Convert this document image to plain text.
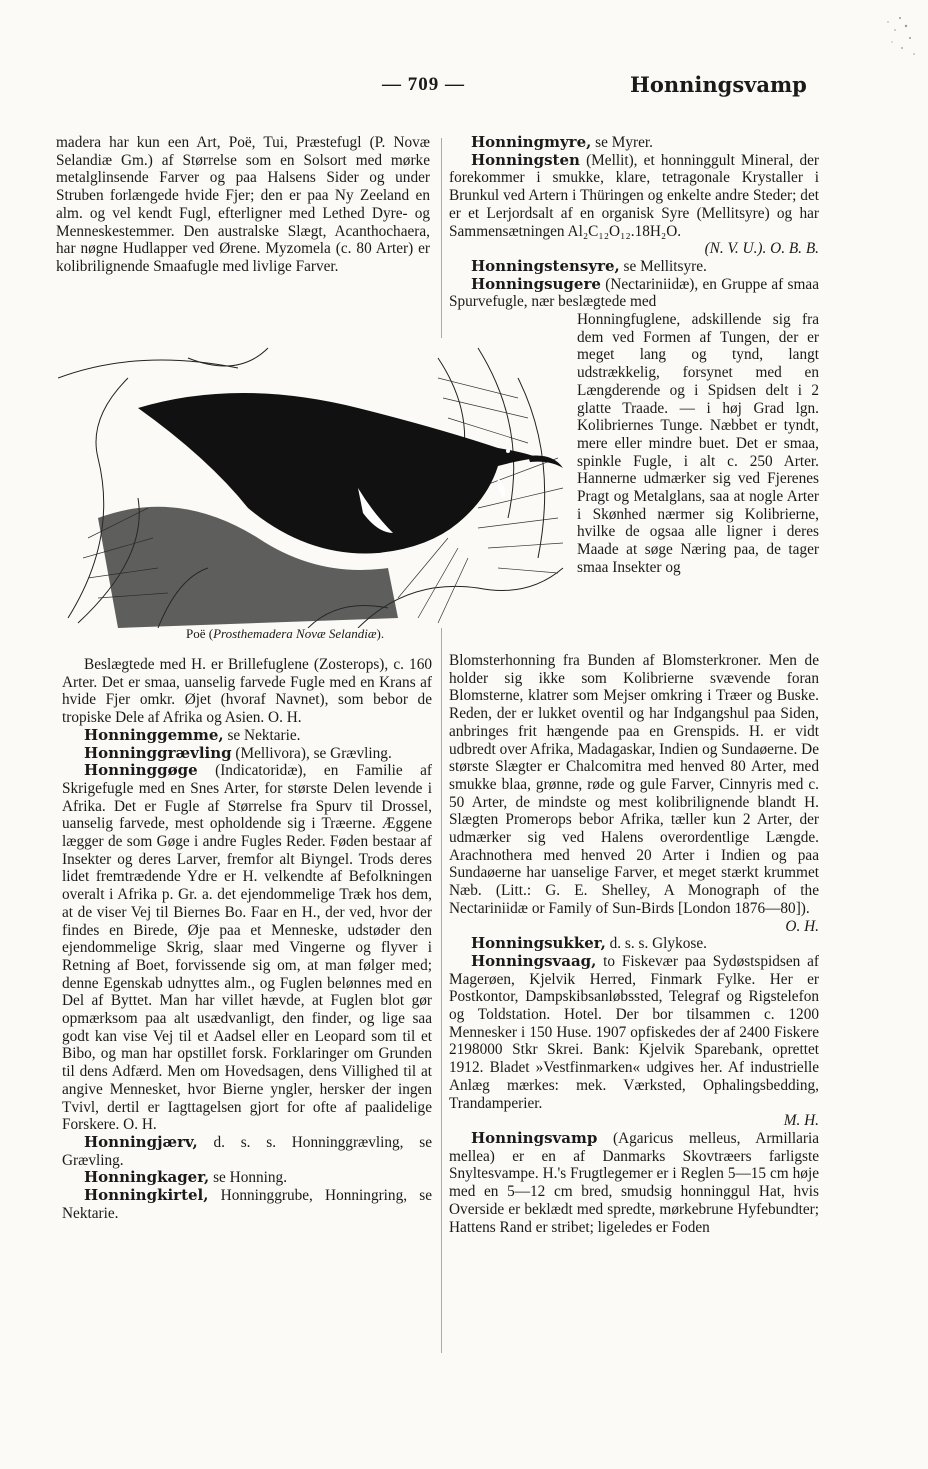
— 709 —	Honningsvamp

madera har kun een Art, Poë, Tui, Præstefugl (P. Novæ Selandiæ Gm.) af Størrelse som en Solsort med mørke metalglinsende Farver og paa Halsens Sider og under Struben forlængede hvide Fjer; den er paa Ny Zeeland en alm. og vel kendt Fugl, efterligner med Lethed Dyre- og Menneskestemmer. Den australske Slægt, Acanthochaera, har nøgne Hudlapper ved Ørene. Myzomela (c. 80 Arter) er kolibrilignende Smaafugle med livlige Farver.

Poë (Prosthemadera Novæ Selandiæ).

Beslægtede med H. er Brillefuglene (Zosterops), c. 160 Arter. Det er smaa, uanselig farvede Fugle med en Krans af hvide Fjer omkr. Øjet (hvoraf Navnet), som bebor de tropiske Dele af Afrika og Asien. O. H.

Honninggemme, se Nektarie.

Honninggrævling (Mellivora), se Grævling.

Honninggøge (Indicatoridæ), en Familie af Skrigefugle med en Snes Arter, for største Delen levende i Afrika. Det er Fugle af Størrelse fra Spurv til Drossel, uanselig farvede, mest opholdende sig i Træerne. Æggene lægger de som Gøge i andre Fugles Reder. Føden bestaar af Insekter og deres Larver, fremfor alt Biyngel. Trods deres lidet fremtrædende Ydre er H. velkendte af Befolkningen overalt i Afrika p. Gr. a. det ejendommelige Træk hos dem, at de viser Vej til Biernes Bo. Faar en H., der ved, hvor der findes en Birede, Øje paa et Menneske, udstøder den ejendommelige Skrig, slaar med Vingerne og flyver i Retning af Boet, forvissende sig om, at man følger med; denne Egenskab udnyttes alm., og Fuglen belønnes med en Del af Byttet. Man har villet hævde, at Fuglen blot gør opmærksom paa alt usædvanligt, den finder, og lige saa godt kan vise Vej til et Aadsel eller en Leopard som til et Bibo, og man har opstillet forsk. Forklaringer om Grunden til dens Adfærd. Men om Hovedsagen, dens Villighed til at angive Mennesket, hvor Bierne yngler, hersker der ingen Tvivl, dertil er Iagttagelsen gjort for ofte af paalidelige Forskere. O. H.

Honningjærv, d. s. s. Honninggrævling, se Grævling.

Honningkager, se Honning.

Honningkirtel, Honninggrube, Honningring, se Nektarie.

Honningmyre, se Myrer.

Honningsten (Mellit), et honninggult Mineral, der forekommer i smukke, klare, tetragonale Krystaller i Brunkul ved Artern i Thüringen og enkelte andre Steder; det er et Lerjordsalt af en organisk Syre (Mellitsyre) og har Sammensætningen Al₂C₁₂O₁₂.18H₂O.

(N. V. U.). O. B. B.

Honningstensyre, se Mellitsyre.

Honningsugere (Nectariniidæ), en Gruppe af smaa Spurvefugle, nær beslægtede med

Honningfuglene, adskillende sig fra dem ved Formen af Tungen, der er meget lang og tynd, langt udstrækkelig, forsynet med en Længderende og i Spidsen delt i 2 glatte Traade. — i høj Grad lgn. Kolibriernes Tunge. Næbbet er tyndt, mere eller mindre buet. Det er smaa, spinkle Fugle, i alt c. 250 Arter. Hannerne udmærker sig ved Fjerenes Pragt og Metalglans, saa at nogle Arter i Skønhed nærmer sig Kolibrierne, hvilke de ogsaa alle ligner i deres Maade at søge Næring paa, de tager smaa Insekter og

Blomsterhonning fra Bunden af Blomsterkroner. Men de holder sig ikke som Kolibrierne svævende foran Blomsterne, klatrer som Mejser omkring i Træer og Buske. Reden, der er lukket oventil og har Indgangshul paa Siden, anbringes frit hængende paa en Grenspids. H. er vidt udbredt over Afrika, Madagaskar, Indien og Sundaøerne. De største Slægter er Chalcomitra med henved 80 Arter, med smukke blaa, grønne, røde og gule Farver, Cinnyris med c. 50 Arter, de mindste og mest kolibrilignende blandt H. Slægten Promerops bebor Afrika, tæller kun 2 Arter, der udmærker sig ved Halens overordentlige Længde. Arachnothera med henved 20 Arter i Indien og paa Sundaøerne har uanselige Farver, et meget stærkt krummet Næb. (Litt.: G. E. Shelley, A Monograph of the Nectariniidæ or Family of Sun-Birds [London 1876—80]).

O. H.

Honningsukker, d. s. s. Glykose.

Honningsvaag, to Fiskevær paa Sydøstspidsen af Magerøen, Kjelvik Herred, Finmark Fylke. Her er Postkontor, Dampskibsanløbssted, Telegraf og Rigstelefon og Toldstation. Hotel. Der bor tilsammen c. 1200 Mennesker i 150 Huse. 1907 opfiskedes der af 2400 Fiskere 2198000 Stkr Skrei. Bank: Kjelvik Sparebank, oprettet 1912. Bladet »Vestfinmarken« udgives her. Af industrielle Anlæg mærkes: mek. Værksted, Ophalingsbedding, Trandamperier.

M. H.

Honningsvamp (Agaricus melleus, Armillaria mellea) er en af Danmarks Skovtræers farligste Snyltesvampe. H.'s Frugtlegemer er i Reglen 5—15 cm høje med en 5—12 cm bred, smudsig honninggul Hat, hvis Overside er beklædt med spredte, mørkebrune Hyfebundter; Hattens Rand er stribet; ligeledes er Foden
